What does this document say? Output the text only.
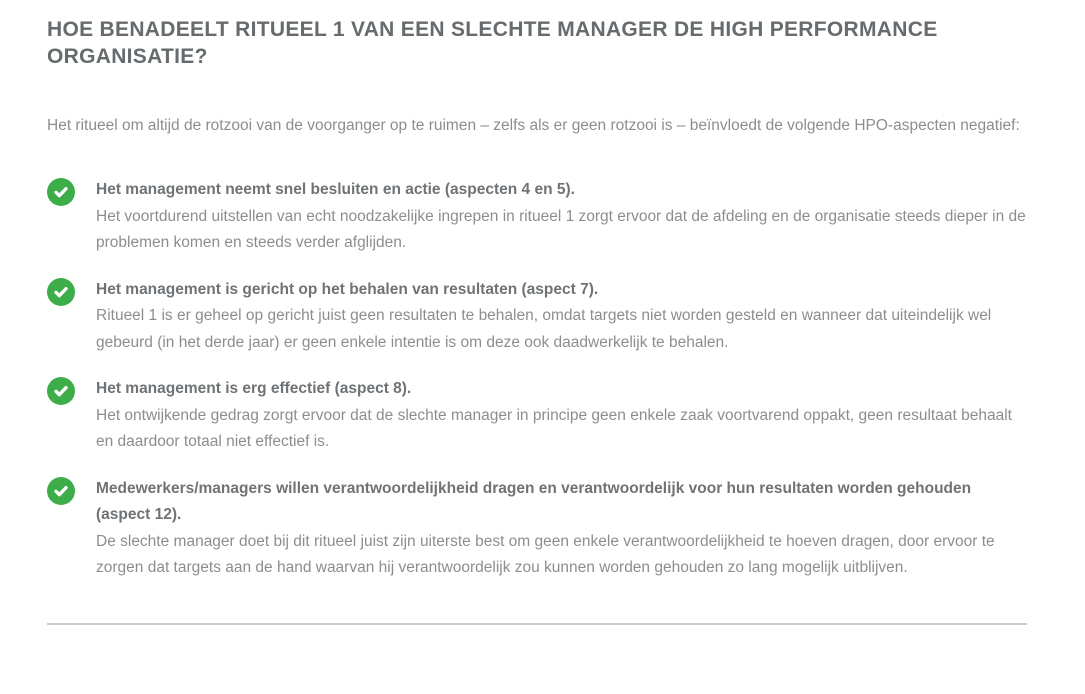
HOE BENADEELT RITUEEL 1 VAN EEN SLECHTE MANAGER DE HIGH PERFORMANCE ORGANISATIE?

Het ritueel om altijd de rotzooi van de voorganger op te ruimen – zelfs als er geen rotzooi is – beïnvloedt de volgende HPO-aspecten negatief:

Het management neemt snel besluiten en actie (aspecten 4 en 5).

Het voortdurend uitstellen van echt noodzakelijke ingrepen in ritueel 1 zorgt ervoor dat de afdeling en de organisatie steeds dieper in de problemen komen en steeds verder afglijden.

Het management is gericht op het behalen van resultaten (aspect 7).

Ritueel 1 is er geheel op gericht juist geen resultaten te behalen, omdat targets niet worden gesteld en wanneer dat uiteindelijk wel gebeurd (in het derde jaar) er geen enkele intentie is om deze ook daadwerkelijk te behalen.

Het management is erg effectief (aspect 8).

Het ontwijkende gedrag zorgt ervoor dat de slechte manager in principe geen enkele zaak voortvarend oppakt, geen resultaat behaalt en daardoor totaal niet effectief is.

Medewerkers/managers willen verantwoordelijkheid dragen en verantwoordelijk voor hun resultaten worden gehouden (aspect 12).

De slechte manager doet bij dit ritueel juist zijn uiterste best om geen enkele verantwoordelijkheid te hoeven dragen, door ervoor te zorgen dat targets aan de hand waarvan hij verantwoordelijk zou kunnen worden gehouden zo lang mogelijk uitblijven.
